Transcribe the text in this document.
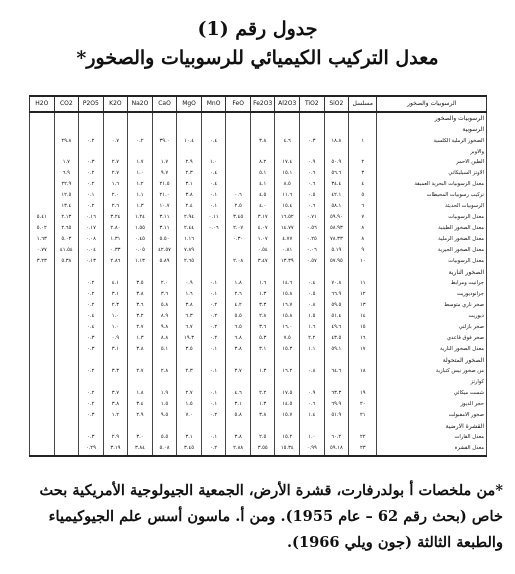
جدول رقم (1)
معدل التركيب الكيميائي للرسوبيات والصخور*
H2O	CO2	P2O5	K2O	Na2O	CaO	MgO	MnO	FeO	Fe2O3	Al2O3	TiO2	SiO2	مسلسل	الرسوبيات والصخور
														الرسوبيات والصخور
														الرسوبية
	٢٩.٨	٠.٢	٠.٧	٠.٢	٣٩.٠	١٠.٤	٠.٤		٣.٨	٤.٦	٠.٣	١٨.٨	١	الصخور الرملية الكلسية
														والاوبز
	١.٧	٠.٣	٢.٧	١.٧	١.٧	٢.٩	١.٠		٨.٢	١٧.٤	٠.٩	٥٠.٩	٢	الطين الاحمر
	٦.٩	٠.٢	٢.٧	١.٠	٩.٧	٢.٣	٠.٤		٥.١	١٥.١	٠.٦	٥٦.٦	٣	الاوتز السيليكاتي
	٢٢.٩	٠.٢	١.٦	١.٢	٢١.٥	٣.١	٠.٤		٤.١	٨.٥	٠.٦	٣٤.٤	٤	معدل الرسوبيات البحرية العميقة
	١٢.٥	٠.١	٢.٠	١.١	٢١.٠	٣.٨	٠.١	٠.٦	٤.٥	١١.٦	٠.٥	٤٢.١	٥	تركيب رسوبيات المحيطات
	١٣.٤	٠.٢	٢.٦	١.٣	١٠.٧	٢.٤	٠.١	٢.٥	٤.٠	١٥.٤	٠.٦	٥٨.١	٦	الرسوبيات الحديثة
٥.٤١	٢.١٣	٠.١٦	٣.٢٤	١.٢٤	٣.١١	٢.٩٤	٠.١١	٣.٤٥	٣.١٧	١٦.٥٢	٠.٧١	٥٩.٩٠	٧	معدل الرسوبيات
٥.٠٢	٢.٦٥	٠.١٧	٢.٨٠	١.٥٥	٣.١١	٢.٤٤	٠.٠٦	٢.٠٧	٤.٠٧	١٤.٧٧	٠.٥٦	٥٨.٩٣	٨	معدل الصخور الطينية
١.٦٣	٥.٠٣	٠.٠٨	١.٣١	٠.٤٥	٥.٥٠	١.١٦		٠.٣٠	١.٠٧	٤.٧٧	٠.٢٥	٧٨.٣٣	٨	معدل الصخور الرملية
٠.٧٧	٤١.٥٤	٠.٠٤	٠.٣٣	٠.٠٥	٤٢.٥٧	٧.٨٩			٠.٥٤	٠.٨١	٠.٠٦	٥.١٩	٩	معدل الصخور الجيرية
٣.٢٣	٥.٣٨	٠.١٣	٢.٨٦	١.١٣	٥.٨٩	٢.٦٥		٢.٠٨	٣.٤٧	١٣.٣٩	٠.٥٧	٥٧.٩٥	١٠	معدل الرسوبيات
														الصخور النارية
		٠.٢	٤.١	٣.٥	٢.٠	٠.٩	٠.١	١.٨	١.٦	١٤.٦	٠.٤	٧٠.٨	١١	جرانيت ومرابط
		٠.٢	٣.١	٣.٨	٣.٦	١.٦	٠.١	٢.٦	١.٣	١٥.٨	٠.٥	٦٦.٩	١٢	جرانوديوريت
		٠.٢	٢.٣	٣.٦	٥.٨	٣.٨	٠.٢	٤.٢	٣.٣	١٦.٧	٠.٨	٥٩.٥	١٣	صخر ناري متوسط
		٠.٤	١.٠	٣.٢	٨.٩	٦.٣	٠.٢	٥.٥	٢.٨	١٥.٨	١.٥	٥١.٤	١٤	ديوريت
		٠.٤	١.٠	٢.٧	٩.٨	٦.٧	٠.٢	٦.٥	٣.٦	١٦.٠	١.٦	٤٩.٦	١٥	صخر بازلتي
		٠.٣	٠.٩	١.٣	٨.٨	١٩.٣	٠.٢	٦.٨	٥.٣	٧.٥	٢.٢	٤٣.٥	١٦	صخر فوق قاعدي
		٠.٣	٣.١	٣.٨	٥.١	٣.٥	٠.١	٣.٨	٣.١	١٥.٣	١.١	٥٩.١	١٧	معدل الصخور النارية
														الصخور المتحولة
		٠.٢	٣.٣	٢.٧	٢.٨	٢.٣	٠.١	٣.٧	١.٣	١٦.٢	٠.٨	٦٤.٦	١٨	من صخور نيس كتبازية
														كوارتز
		٠.٢	٣.٧	١.٨	١.٩	٢.٧	٠.١	٤.٦	٢.٢	١٧.٥	٠.٩	٦٣.٣	١٩	شست ميكائي
		٠.٢	٣.٨	٣.٤	١.٥	١.٥	٠.١	٣.١	١.٣	١٤.٥	٠.٦	٦٩.٩	٢٠	حجر الديوز
		٠.٣	١.٢	٢.٩	٩.٥	٧.٠	٠.٢	٥.٨	٣.٨	١٥.٧	١.٤	٥١.٩	٢١	صخور الامفبولت
														القشرة الارضية
		٠.٣	٢.٩	٣.٠	٥.٥	٣.١	٠.١	٣.٨	٢.٥	١٥.٢	١.٠	٦٠.٢	٢٢	معدل القارات
		٠.٢٩	٣.١٩	٣.٨٤	٥.٠٨	٣.٤٥	٠.٢	٢.٨٨	٣.٥٥	١٥.٣٤	٠.٩٩	٥٩.١٨	٢٣	معدل القشرة
*من ملخصات أ بولدرفارت، قشرة الأرض، الجمعية الجيولوجية الأمريكية بحث خاص (بحث رقم 62 – عام 1955). ومن أ. ماسون أسس علم الجيوكيمياء والطبعة الثالثة (جون ويلي 1966).
